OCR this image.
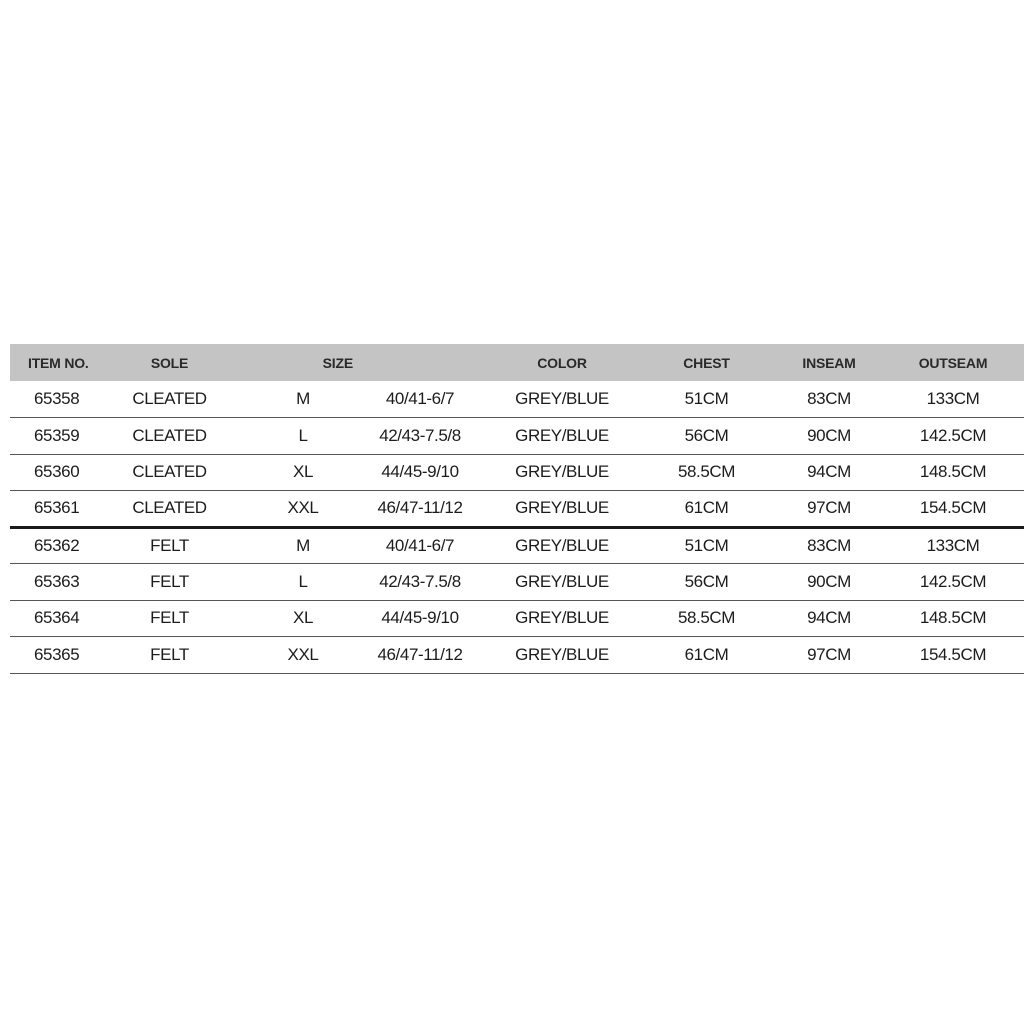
ITEM NO.	SOLE	SIZE		COLOR	CHEST	INSEAM	OUTSEAM
65358	CLEATED	M	40/41-6/7	GREY/BLUE	51CM	83CM	133CM
65359	CLEATED	L	42/43-7.5/8	GREY/BLUE	56CM	90CM	142.5CM
65360	CLEATED	XL	44/45-9/10	GREY/BLUE	58.5CM	94CM	148.5CM
65361	CLEATED	XXL	46/47-11/12	GREY/BLUE	61CM	97CM	154.5CM
65362	FELT	M	40/41-6/7	GREY/BLUE	51CM	83CM	133CM
65363	FELT	L	42/43-7.5/8	GREY/BLUE	56CM	90CM	142.5CM
65364	FELT	XL	44/45-9/10	GREY/BLUE	58.5CM	94CM	148.5CM
65365	FELT	XXL	46/47-11/12	GREY/BLUE	61CM	97CM	154.5CM
